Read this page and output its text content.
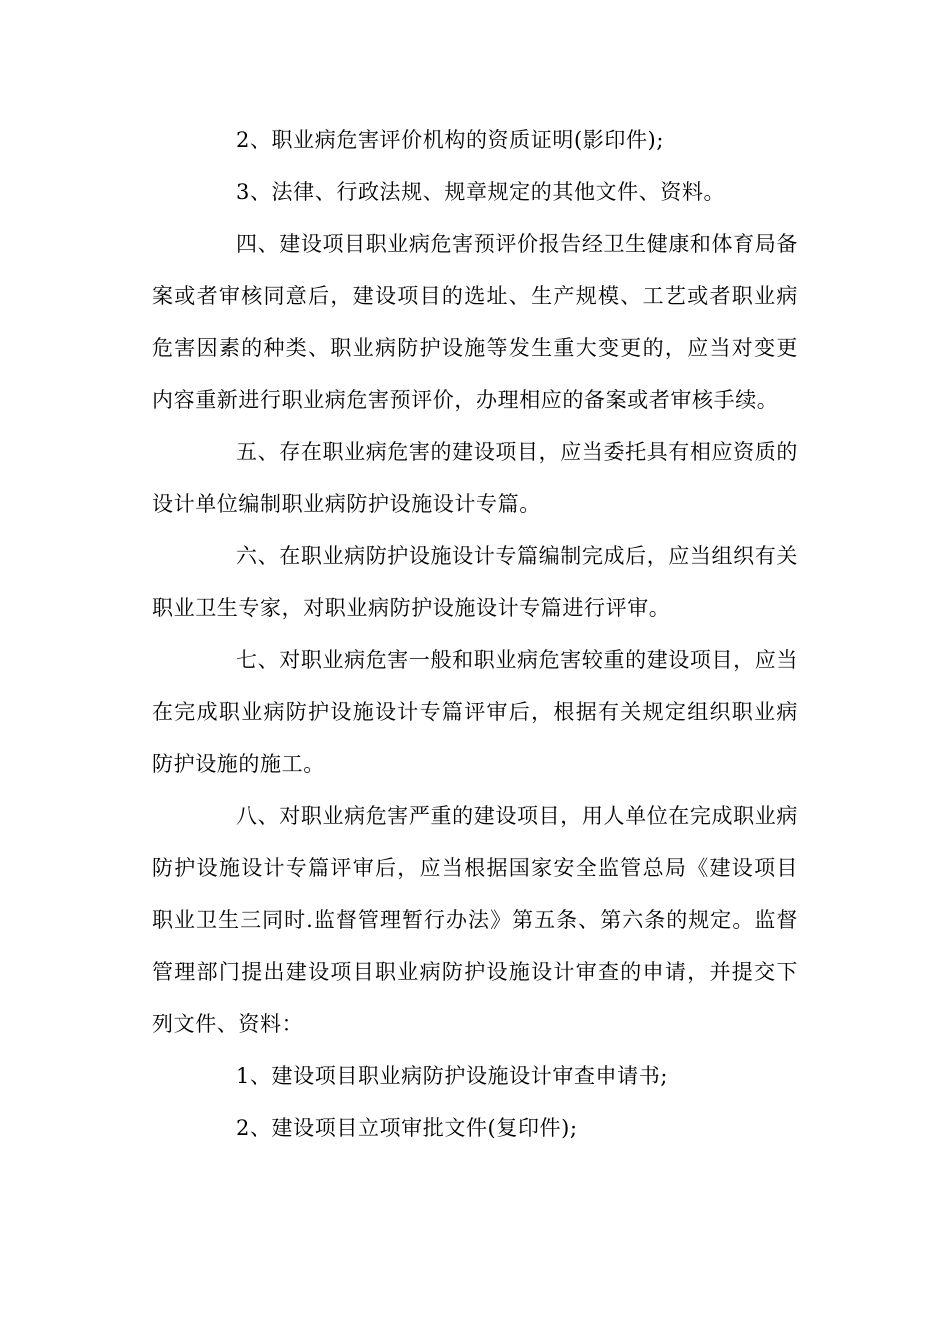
2、职业病危害评价机构的资质证明(影印件);

3、法律、行政法规、规章规定的其他文件、资料。

四、建设项目职业病危害预评价报告经卫生健康和体育局备案或者审核同意后，建设项目的选址、生产规模、工艺或者职业病危害因素的种类、职业病防护设施等发生重大变更的，应当对变更内容重新进行职业病危害预评价，办理相应的备案或者审核手续。

五、存在职业病危害的建设项目，应当委托具有相应资质的设计单位编制职业病防护设施设计专篇。

六、在职业病防护设施设计专篇编制完成后，应当组织有关职业卫生专家，对职业病防护设施设计专篇进行评审。

七、对职业病危害一般和职业病危害较重的建设项目，应当在完成职业病防护设施设计专篇评审后，根据有关规定组织职业病防护设施的施工。

八、对职业病危害严重的建设项目，用人单位在完成职业病防护设施设计专篇评审后，应当根据国家安全监管总局《建设项目职业卫生三同时.监督管理暂行办法》第五条、第六条的规定。监督管理部门提出建设项目职业病防护设施设计审查的申请，并提交下列文件、资料：

1、建设项目职业病防护设施设计审查申请书;

2、建设项目立项审批文件(复印件);
